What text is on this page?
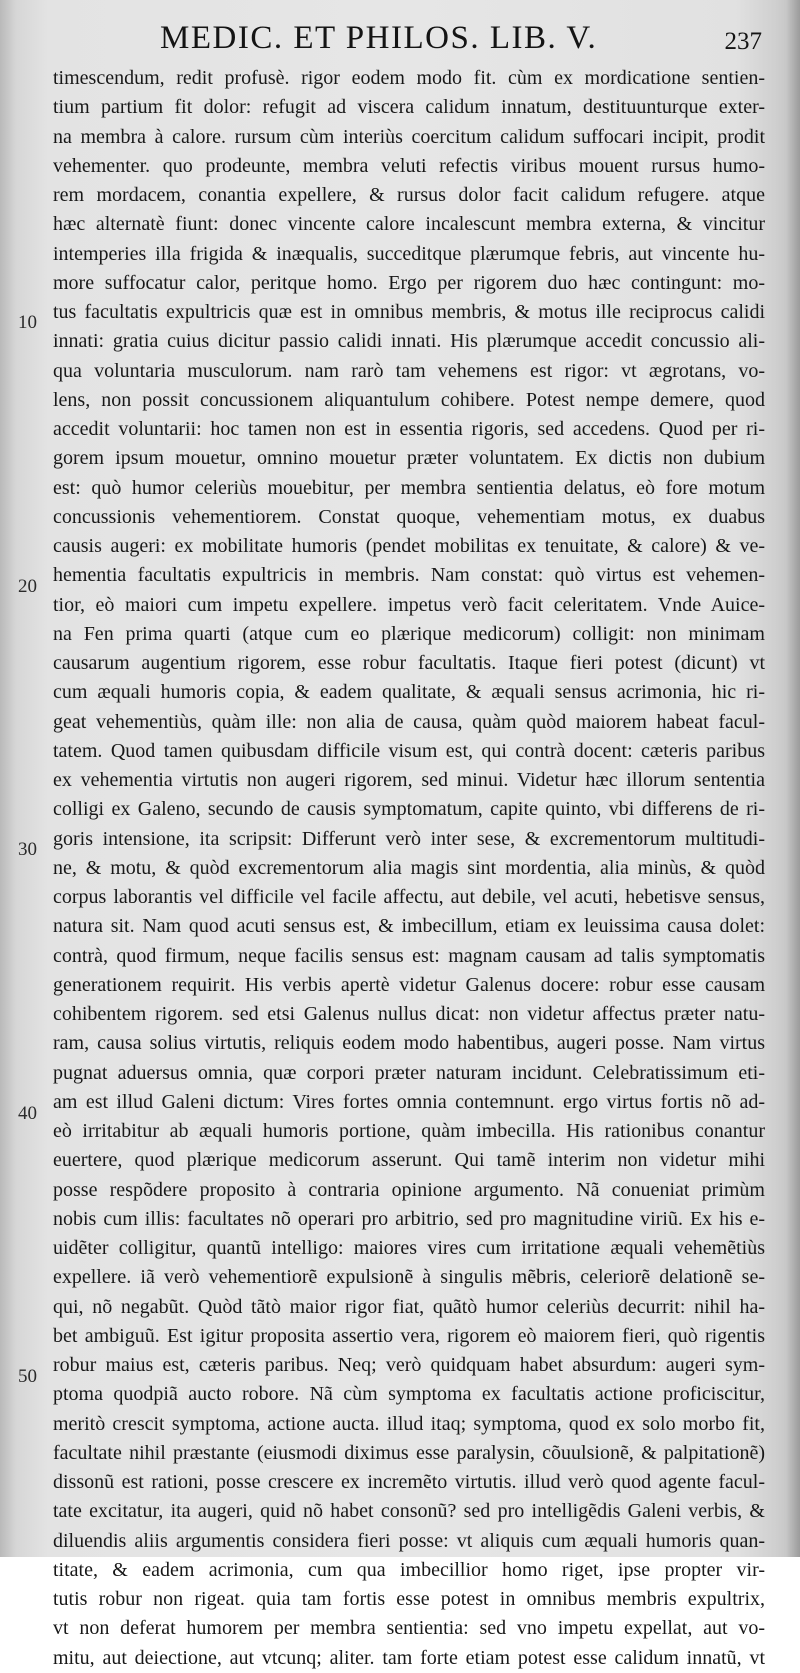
MEDIC. ET PHILOS. LIB. V.	237
10
20
30
40
50
timescendum, redit profusè. rigor eodem modo fit. cùm ex mordicatione sentien-
tium partium fit dolor: refugit ad viscera calidum innatum, destituunturque exter-
na membra à calore. rursum cùm interiùs coercitum calidum suffocari incipit, prodit
vehementer. quo prodeunte, membra veluti refectis viribus mouent rursus humo-
rem mordacem, conantia expellere, & rursus dolor facit calidum refugere. atque
hæc alternatè fiunt: donec vincente calore incalescunt membra externa, & vincitur
intemperies illa frigida & inæqualis, succeditque plærumque febris, aut vincente hu-
more suffocatur calor, peritque homo. Ergo per rigorem duo hæc contingunt: mo-
tus facultatis expultricis quæ est in omnibus membris, & motus ille reciprocus calidi
innati: gratia cuius dicitur passio calidi innati. His plærumque accedit concussio ali-
qua voluntaria musculorum. nam rarò tam vehemens est rigor: vt ægrotans, vo-
lens, non possit concussionem aliquantulum cohibere. Potest nempe demere, quod
accedit voluntarii: hoc tamen non est in essentia rigoris, sed accedens. Quod per ri-
gorem ipsum mouetur, omnino mouetur præter voluntatem. Ex dictis non dubium
est: quò humor celeriùs mouebitur, per membra sentientia delatus, eò fore motum
concussionis vehementiorem. Constat quoque, vehementiam motus, ex duabus
causis augeri: ex mobilitate humoris (pendet mobilitas ex tenuitate, & calore) & ve-
hementia facultatis expultricis in membris. Nam constat: quò virtus est vehemen-
tior, eò maiori cum impetu expellere. impetus verò facit celeritatem. Vnde Auice-
na Fen prima quarti (atque cum eo plærique medicorum) colligit: non minimam
causarum augentium rigorem, esse robur facultatis. Itaque fieri potest (dicunt) vt
cum æquali humoris copia, & eadem qualitate, & æquali sensus acrimonia, hic ri-
geat vehementiùs, quàm ille: non alia de causa, quàm quòd maiorem habeat facul-
tatem. Quod tamen quibusdam difficile visum est, qui contrà docent: cæteris paribus
ex vehementia virtutis non augeri rigorem, sed minui. Videtur hæc illorum sententia
colligi ex Galeno, secundo de causis symptomatum, capite quinto, vbi differens de ri-
goris intensione, ita scripsit: Differunt verò inter sese, & excrementorum multitudi-
ne, & motu, & quòd excrementorum alia magis sint mordentia, alia minùs, & quòd
corpus laborantis vel difficile vel facile affectu, aut debile, vel acuti, hebetisve sensus,
natura sit. Nam quod acuti sensus est, & imbecillum, etiam ex leuissima causa dolet:
contrà, quod firmum, neque facilis sensus est: magnam causam ad talis symptomatis
generationem requirit. His verbis apertè videtur Galenus docere: robur esse causam
cohibentem rigorem. sed etsi Galenus nullus dicat: non videtur affectus præter natu-
ram, causa solius virtutis, reliquis eodem modo habentibus, augeri posse. Nam virtus
pugnat aduersus omnia, quæ corpori præter naturam incidunt. Celebratissimum eti-
am est illud Galeni dictum: Vires fortes omnia contemnunt. ergo virtus fortis nõ ad-
eò irritabitur ab æquali humoris portione, quàm imbecilla. His rationibus conantur
euertere, quod plærique medicorum asserunt. Qui tamẽ interim non videtur mihi
posse respõdere proposito à contraria opinione argumento. Nã conueniat primùm
nobis cum illis: facultates nõ operari pro arbitrio, sed pro magnitudine viriũ. Ex his e-
uidẽter colligitur, quantũ intelligo: maiores vires cum irritatione æquali vehemẽtiùs
expellere. iã verò vehementiorẽ expulsionẽ à singulis mẽbris, celeriorẽ delationẽ se-
qui, nõ negabũt. Quòd tãtò maior rigor fiat, quãtò humor celeriùs decurrit: nihil ha-
bet ambiguũ. Est igitur proposita assertio vera, rigorem eò maiorem fieri, quò rigentis
robur maius est, cæteris paribus. Neq; verò quidquam habet absurdum: augeri sym-
ptoma quodpiã aucto robore. Nã cùm symptoma ex facultatis actione proficiscitur,
meritò crescit symptoma, actione aucta. illud itaq; symptoma, quod ex solo morbo fit,
facultate nihil præstante (eiusmodi diximus esse paralysin, cõuulsionẽ, & palpitationẽ)
dissonũ est rationi, posse crescere ex incremẽto virtutis. illud verò quod agente facul-
tate excitatur, ita augeri, quid nõ habet consonũ? sed pro intelligẽdis Galeni verbis, &
diluendis aliis argumentis considera fieri posse: vt aliquis cum æquali humoris quan-
titate, & eadem acrimonia, cum qua imbecillior homo riget, ipse propter vir-
tutis robur non rigeat. quia tam fortis esse potest in omnibus membris expultrix,
vt non deferat humorem per membra sentientia: sed vno impetu expellat, aut vo-
mitu, aut deiectione, aut vtcunq; aliter. tam forte etiam potest esse calidum innatũ, vt
